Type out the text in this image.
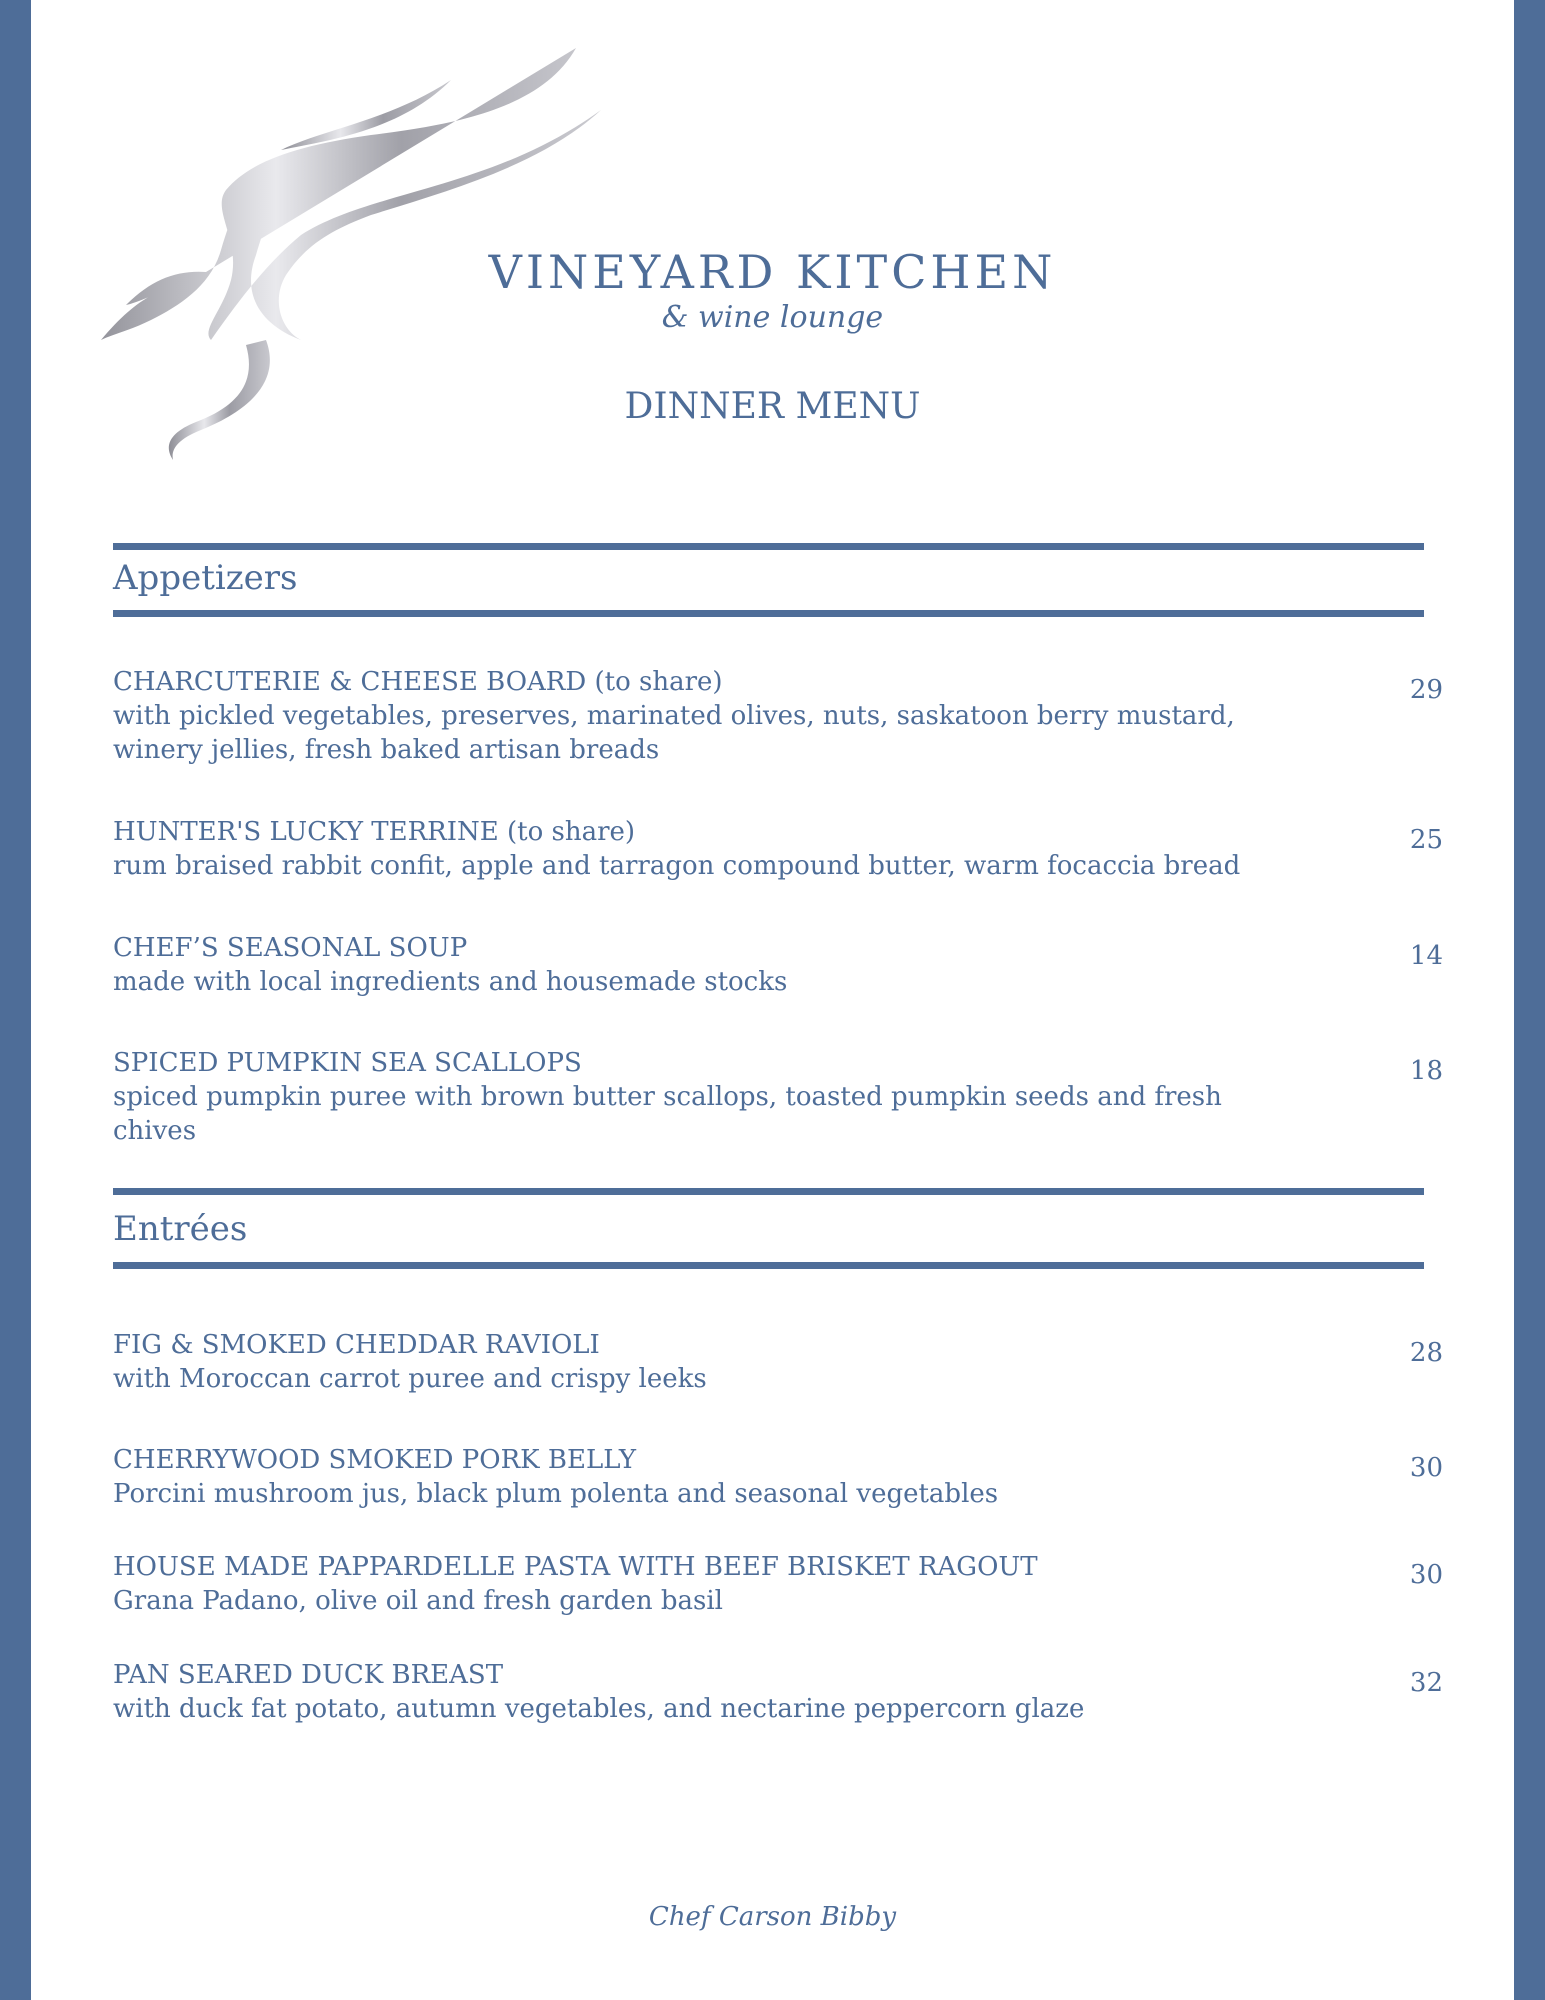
VINEYARD KITCHEN
& wine lounge
DINNER MENU
Appetizers
CHARCUTERIE & CHEESE BOARD (to share)
with pickled vegetables, preserves, marinated olives, nuts, saskatoon berry mustard, winery jellies, fresh baked artisan breads
29
HUNTER'S LUCKY TERRINE (to share)
rum braised rabbit confit, apple and tarragon compound butter, warm focaccia bread
25
CHEF’S SEASONAL SOUP
made with local ingredients and housemade stocks
14
SPICED PUMPKIN SEA SCALLOPS
spiced pumpkin puree with brown butter scallops, toasted pumpkin seeds and fresh chives
18
Entrées
FIG & SMOKED CHEDDAR RAVIOLI
with Moroccan carrot puree and crispy leeks
28
CHERRYWOOD SMOKED PORK BELLY
Porcini mushroom jus, black plum polenta and seasonal vegetables
30
HOUSE MADE PAPPARDELLE PASTA WITH BEEF BRISKET RAGOUT
Grana Padano, olive oil and fresh garden basil
30
PAN SEARED DUCK BREAST
with duck fat potato, autumn vegetables, and nectarine peppercorn glaze
32
Chef Carson Bibby
